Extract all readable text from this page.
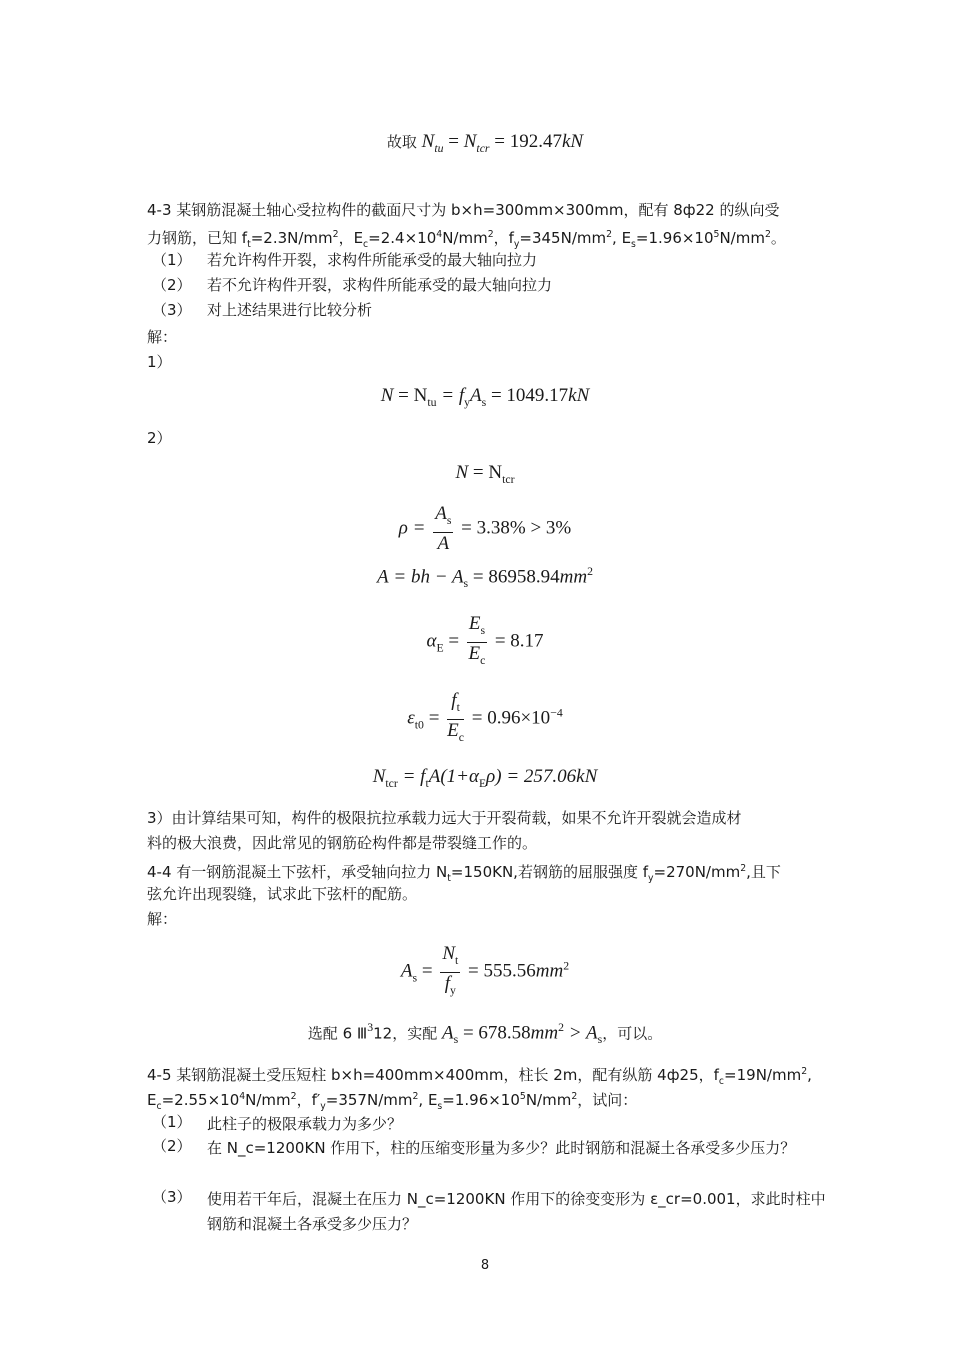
故取 $N_{tu} = N_{tcr} = 192.47kN$
4-3 某钢筋混凝土轴心受拉构件的截面尺寸为 b×h=300mm×300mm，配有 8ф22 的纵向受
力钢筋，已知 $f_t=2.3N/mm^2$，$E_c=2.4\times 10^4N/mm^2$，$f_y=345N/mm^2$, $E_s=1.96\times 10^5N/mm^2$。
（1） 若允许构件开裂，求构件所能承受的最大轴向拉力
（2） 若不允许构件开裂，求构件所能承受的最大轴向拉力
（3） 对上述结果进行比较分析
解：
1）
$N = N_{tu} = f_yA_s = 1049.17kN$
2）
$N = N_{tcr}$
$\rho = \frac{A_s}{A} = 3.38\% > 3\%$
A = bh − $A_s = 86958.94mm^2$
$\alpha_E = \frac{E_s}{E_c} = 8.17$
$\varepsilon_{t0} = \frac{f_t}{E_c} = 0.96\times 10^{-4}$
$N_{tcr} = f_tA(1+\alpha_E\rho) = 257.06kN$
3）由计算结果可知，构件的极限抗拉承载力远大于开裂荷载，如果不允许开裂就会造成材
料的极大浪费，因此常见的钢筋砼构件都是带裂缝工作的。
4-4 有一钢筋混凝土下弦杆，承受轴向拉力 $N_t=150KN$,若钢筋的屈服强度 $f_y=270N/mm^2$,且下
弦允许出现裂缝，试求此下弦杆的配筋。
解：
$A_s = \frac{N_t}{f_y} = 555.56mm^2$
选配 6 Ⅲ$^3$12，实配 $A_s = 678.58mm^2 > A_s$，可以。
4-5 某钢筋混凝土受压短柱 b×h=400mm×400mm，柱长 2m，配有纵筋 4ф25，$f_c=19N/mm^2$,
$E_c=2.55\times 10^4N/mm^2$，$f'_y=357N/mm^2$, $E_s=1.96\times 10^5N/mm^2$，试问：
（1） 此柱子的极限承载力为多少？
（2） 在 N_c=1200KN 作用下，柱的压缩变形量为多少？此时钢筋和混凝土各承受多少压力？
（3） 使用若干年后，混凝土在压力 N_c=1200KN 作用下的徐变变形为 ε_cr=0.001，求此时柱中钢筋和混凝土各承受多少压力？
8
